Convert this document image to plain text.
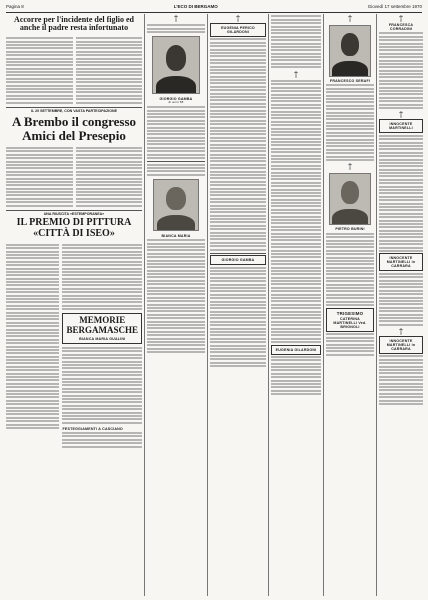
Pagina 8	L'ECO DI BERGAMO	Giovedì 17 settembre 1970
Accorre per l'incidente del figlio ed anche il padre resta infortunato
IL 20 SETTEMBRE, CON VASTA PARTECIPAZIONE
A Brembo il congresso Amici del Presepio
UNA RIUSCITA «ESTEMPORANEA»
IL PREMIO DI PITTURA «CITTÀ DI ISEO»
MEMORIE BERGAMASCHE
BIANCA MARIA GUALINI
FESTEGGIAMENTI A CASCIANO
†
GIORGIO GAMBA
di anni 58
BIANCA MARIA
†
EUGENIA PERICO GILARDONI
GIORGIO GAMBA
†
EUGENIA GILARDONI
†
FRANCESCO SERAFI
†
PIETRO BURINI
TRIGESIMO
CATERINA MARTINELLI Ved. BRIGNOLI
†
FRANCESCA CORRADINI
†
INNOCENTE MARTINELLI
INNOCENTE MARTINELLI in CARRARA
†
INNOCENTE MARTINELLI in CARRARA
